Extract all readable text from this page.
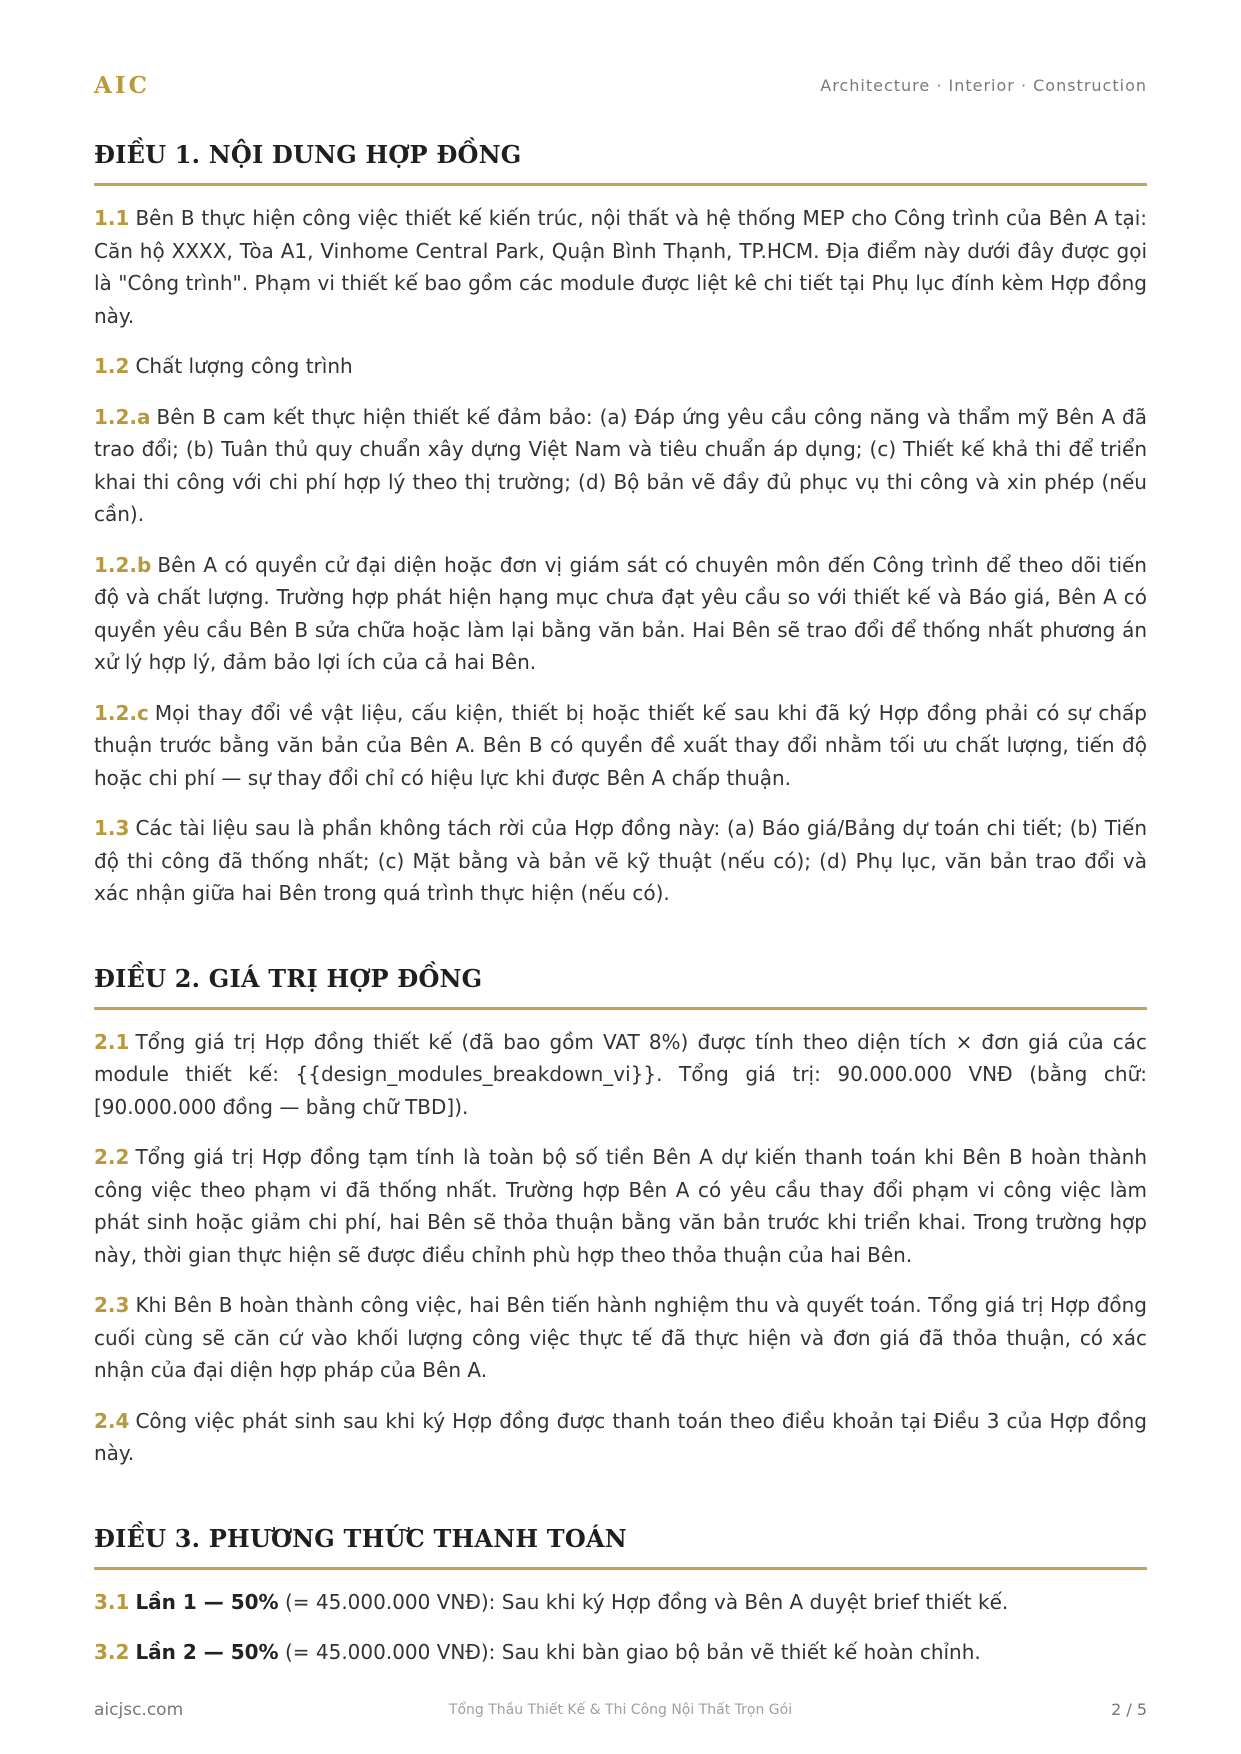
AIC	Architecture · Interior · Construction
ĐIỀU 1. NỘI DUNG HỢP ĐỒNG

1.1 Bên B thực hiện công việc thiết kế kiến trúc, nội thất và hệ thống MEP cho Công trình của Bên A tại: Căn hộ XXXX, Tòa A1, Vinhome Central Park, Quận Bình Thạnh, TP.HCM. Địa điểm này dưới đây được gọi là "Công trình". Phạm vi thiết kế bao gồm các module được liệt kê chi tiết tại Phụ lục đính kèm Hợp đồng này.

1.2 Chất lượng công trình

1.2.a Bên B cam kết thực hiện thiết kế đảm bảo: (a) Đáp ứng yêu cầu công năng và thẩm mỹ Bên A đã trao đổi; (b) Tuân thủ quy chuẩn xây dựng Việt Nam và tiêu chuẩn áp dụng; (c) Thiết kế khả thi để triển khai thi công với chi phí hợp lý theo thị trường; (d) Bộ bản vẽ đầy đủ phục vụ thi công và xin phép (nếu cần).

1.2.b Bên A có quyền cử đại diện hoặc đơn vị giám sát có chuyên môn đến Công trình để theo dõi tiến độ và chất lượng. Trường hợp phát hiện hạng mục chưa đạt yêu cầu so với thiết kế và Báo giá, Bên A có quyền yêu cầu Bên B sửa chữa hoặc làm lại bằng văn bản. Hai Bên sẽ trao đổi để thống nhất phương án xử lý hợp lý, đảm bảo lợi ích của cả hai Bên.

1.2.c Mọi thay đổi về vật liệu, cấu kiện, thiết bị hoặc thiết kế sau khi đã ký Hợp đồng phải có sự chấp thuận trước bằng văn bản của Bên A. Bên B có quyền đề xuất thay đổi nhằm tối ưu chất lượng, tiến độ hoặc chi phí — sự thay đổi chỉ có hiệu lực khi được Bên A chấp thuận.

1.3 Các tài liệu sau là phần không tách rời của Hợp đồng này: (a) Báo giá/Bảng dự toán chi tiết; (b) Tiến độ thi công đã thống nhất; (c) Mặt bằng và bản vẽ kỹ thuật (nếu có); (d) Phụ lục, văn bản trao đổi và xác nhận giữa hai Bên trong quá trình thực hiện (nếu có).

ĐIỀU 2. GIÁ TRỊ HỢP ĐỒNG

2.1 Tổng giá trị Hợp đồng thiết kế (đã bao gồm VAT 8%) được tính theo diện tích × đơn giá của các module thiết kế: {{design_modules_breakdown_vi}}. Tổng giá trị: 90.000.000 VNĐ (bằng chữ: [90.000.000 đồng — bằng chữ TBD]).

2.2 Tổng giá trị Hợp đồng tạm tính là toàn bộ số tiền Bên A dự kiến thanh toán khi Bên B hoàn thành công việc theo phạm vi đã thống nhất. Trường hợp Bên A có yêu cầu thay đổi phạm vi công việc làm phát sinh hoặc giảm chi phí, hai Bên sẽ thỏa thuận bằng văn bản trước khi triển khai. Trong trường hợp này, thời gian thực hiện sẽ được điều chỉnh phù hợp theo thỏa thuận của hai Bên.

2.3 Khi Bên B hoàn thành công việc, hai Bên tiến hành nghiệm thu và quyết toán. Tổng giá trị Hợp đồng cuối cùng sẽ căn cứ vào khối lượng công việc thực tế đã thực hiện và đơn giá đã thỏa thuận, có xác nhận của đại diện hợp pháp của Bên A.

2.4 Công việc phát sinh sau khi ký Hợp đồng được thanh toán theo điều khoản tại Điều 3 của Hợp đồng này.

ĐIỀU 3. PHƯƠNG THỨC THANH TOÁN

3.1 Lần 1 — 50% (= 45.000.000 VNĐ): Sau khi ký Hợp đồng và Bên A duyệt brief thiết kế.

3.2 Lần 2 — 50% (= 45.000.000 VNĐ): Sau khi bàn giao bộ bản vẽ thiết kế hoàn chỉnh.

aicjsc.com	Tổng Thầu Thiết Kế & Thi Công Nội Thất Trọn Gói	2 / 5
